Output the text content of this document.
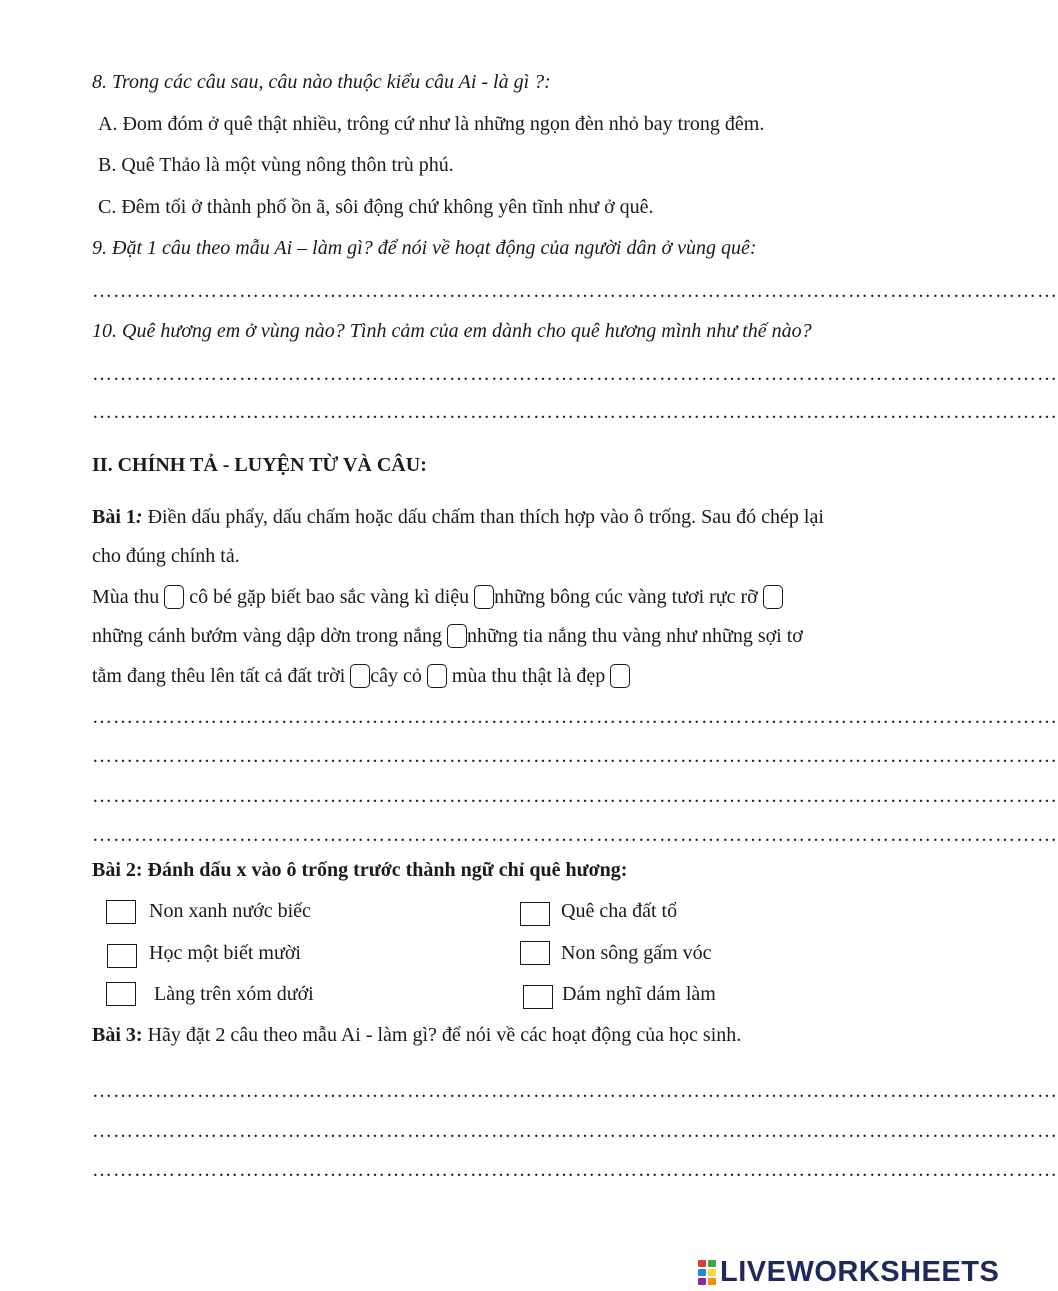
8. Trong các câu sau, câu nào thuộc kiểu câu Ai - là gì ?:
A. Đom đóm ở quê thật nhiều, trông cứ như là những ngọn đèn nhỏ bay trong đêm.
B. Quê Thảo là một vùng nông thôn trù phú.
C. Đêm tối ở thành phố ồn ã, sôi động chứ không yên tĩnh như ở quê.
9. Đặt 1 câu theo mẫu Ai – làm gì? để nói về hoạt động của người dân ở vùng quê:
…………………………………………………………………………………………………………………………
10. Quê hương em ở vùng nào? Tình cảm của em dành cho quê hương mình như thế nào?
…………………………………………………………………………………………………………………………
…………………………………………………………………………………………………………………………
II. CHÍNH TẢ - LUYỆN TỪ VÀ CÂU:
Bài 1: Điền dấu phẩy, dấu chấm hoặc dấu chấm than thích hợp vào ô trống. Sau đó chép lại
cho đúng chính tả.
Mùa thu  cô bé gặp biết bao sắc vàng kì diệu những bông cúc vàng tươi rực rỡ
những cánh bướm vàng dập dờn trong nắng những tia nắng thu vàng như những sợi tơ
tằm đang thêu lên tất cả đất trời cây cỏ  mùa thu thật là đẹp
…………………………………………………………………………………………………………………………
…………………………………………………………………………………………………………………………
…………………………………………………………………………………………………………………………
…………………………………………………………………………………………………………………………
Bài 2: Đánh dấu x vào ô trống trước thành ngữ chỉ quê hương:
Non xanh nước biếc	Quê cha đất tổ
Học một biết mười	Non sông gấm vóc
Làng trên xóm dưới	Dám nghĩ dám làm
Bài 3: Hãy đặt 2 câu theo mẫu Ai - làm gì? để nói về các hoạt động của học sinh.
…………………………………………………………………………………………………………………………
…………………………………………………………………………………………………………………………
…………………………………………………………………………………………………………………………
LIVEWORKSHEETS
